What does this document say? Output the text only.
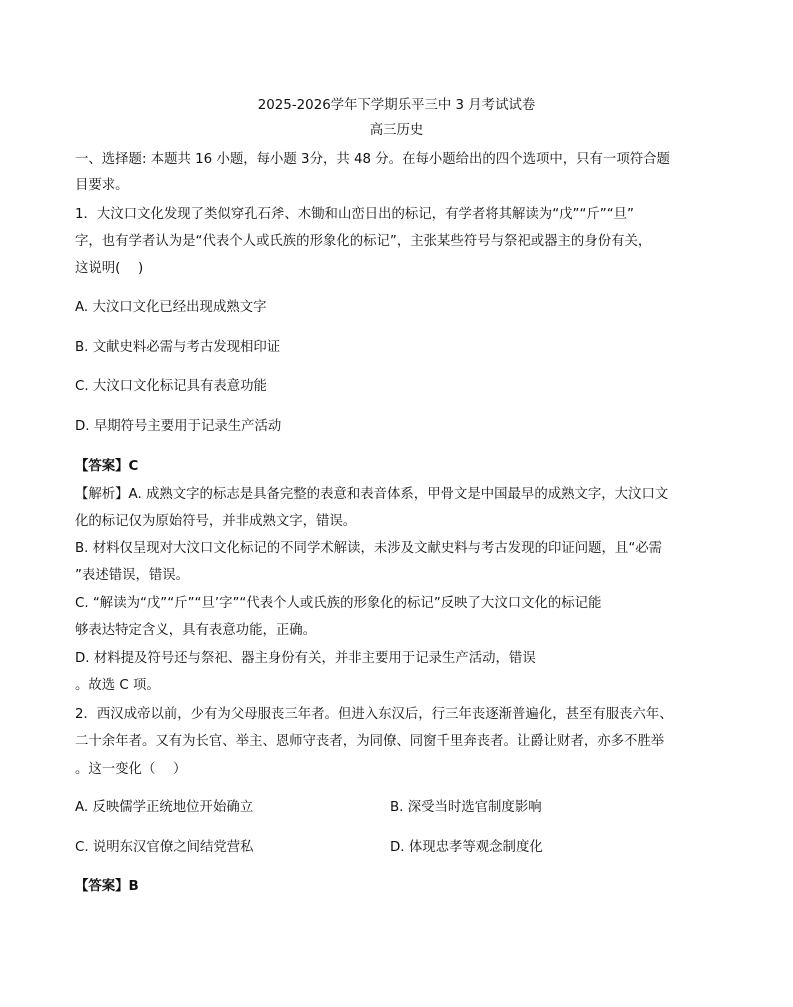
2025-2026学年下学期乐平三中 3 月考试试卷
高三历史
一、选择题: 本题共 16 小题，每小题 3分，共 48 分。在每小题给出的四个选项中，只有一项符合题
目要求。
1．大汶口文化发现了类似穿孔石斧、木锄和山峦日出的标记，有学者将其解读为“戊”“斤”“旦”
字，也有学者认为是“代表个人或氏族的形象化的标记”，主张某些符号与祭祀或器主的身份有关，
这说明(　 )
A. 大汶口文化已经出现成熟文字
B. 文献史料必需与考古发现相印证
C. 大汶口文化标记具有表意功能
D. 早期符号主要用于记录生产活动
【答案】C
【解析】A. 成熟文字的标志是具备完整的表意和表音体系，甲骨文是中国最早的成熟文字，大汶口文
化的标记仅为原始符号，并非成熟文字，错误。
B. 材料仅呈现对大汶口文化标记的不同学术解读，未涉及文献史料与考古发现的印证问题，且“必需
”表述错误，错误。
C. “解读为“戊”“斤”“旦’字”“代表个人或氏族的形象化的标记”反映了大汶口文化的标记能
够表达特定含义，具有表意功能，正确。
D. 材料提及符号还与祭祀、器主身份有关，并非主要用于记录生产活动，错误
。故选 C 项。
2．西汉成帝以前，少有为父母服丧三年者。但进入东汉后，行三年丧逐渐普遍化，甚至有服丧六年、
二十余年者。又有为长官、举主、恩师守丧者，为同僚、同窗千里奔丧者。让爵让财者，亦多不胜举
。这一变化（　 ）
A. 反映儒学正统地位开始确立	B. 深受当时选官制度影响
C. 说明东汉官僚之间结党营私	D. 体现忠孝等观念制度化
【答案】B
